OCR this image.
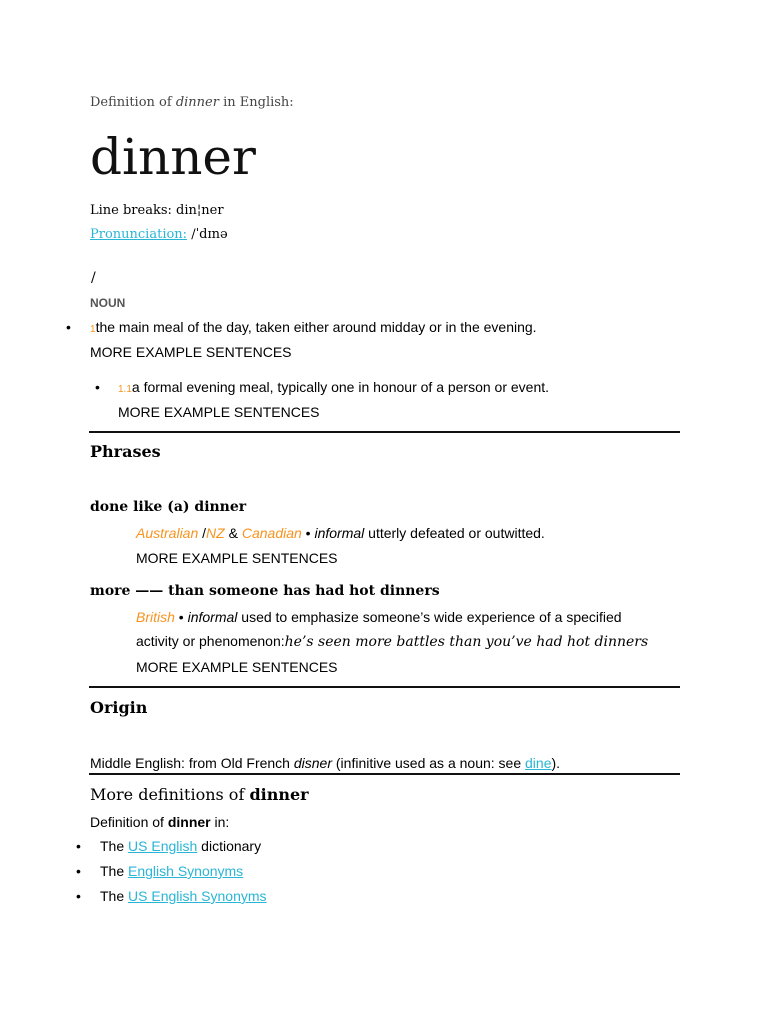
Definition of dinner in English:
dinner
Line breaks: din¦ner
Pronunciation: /ˈdɪnə
/
NOUN
• 1the main meal of the day, taken either around midday or in the evening.
MORE EXAMPLE SENTENCES
• 1.1a formal evening meal, typically one in honour of a person or event.
MORE EXAMPLE SENTENCES
Phrases
done like (a) dinner
Australian /NZ & Canadian • informal utterly defeated or outwitted.
MORE EXAMPLE SENTENCES
more —— than someone has had hot dinners
British • informal used to emphasize someone’s wide experience of a specified
activity or phenomenon:he’s seen more battles than you’ve had hot dinners
MORE EXAMPLE SENTENCES
Origin
Middle English: from Old French disner (infinitive used as a noun: see dine).
More definitions of dinner
Definition of dinner in:
• The US English dictionary
• The English Synonyms
• The US English Synonyms
